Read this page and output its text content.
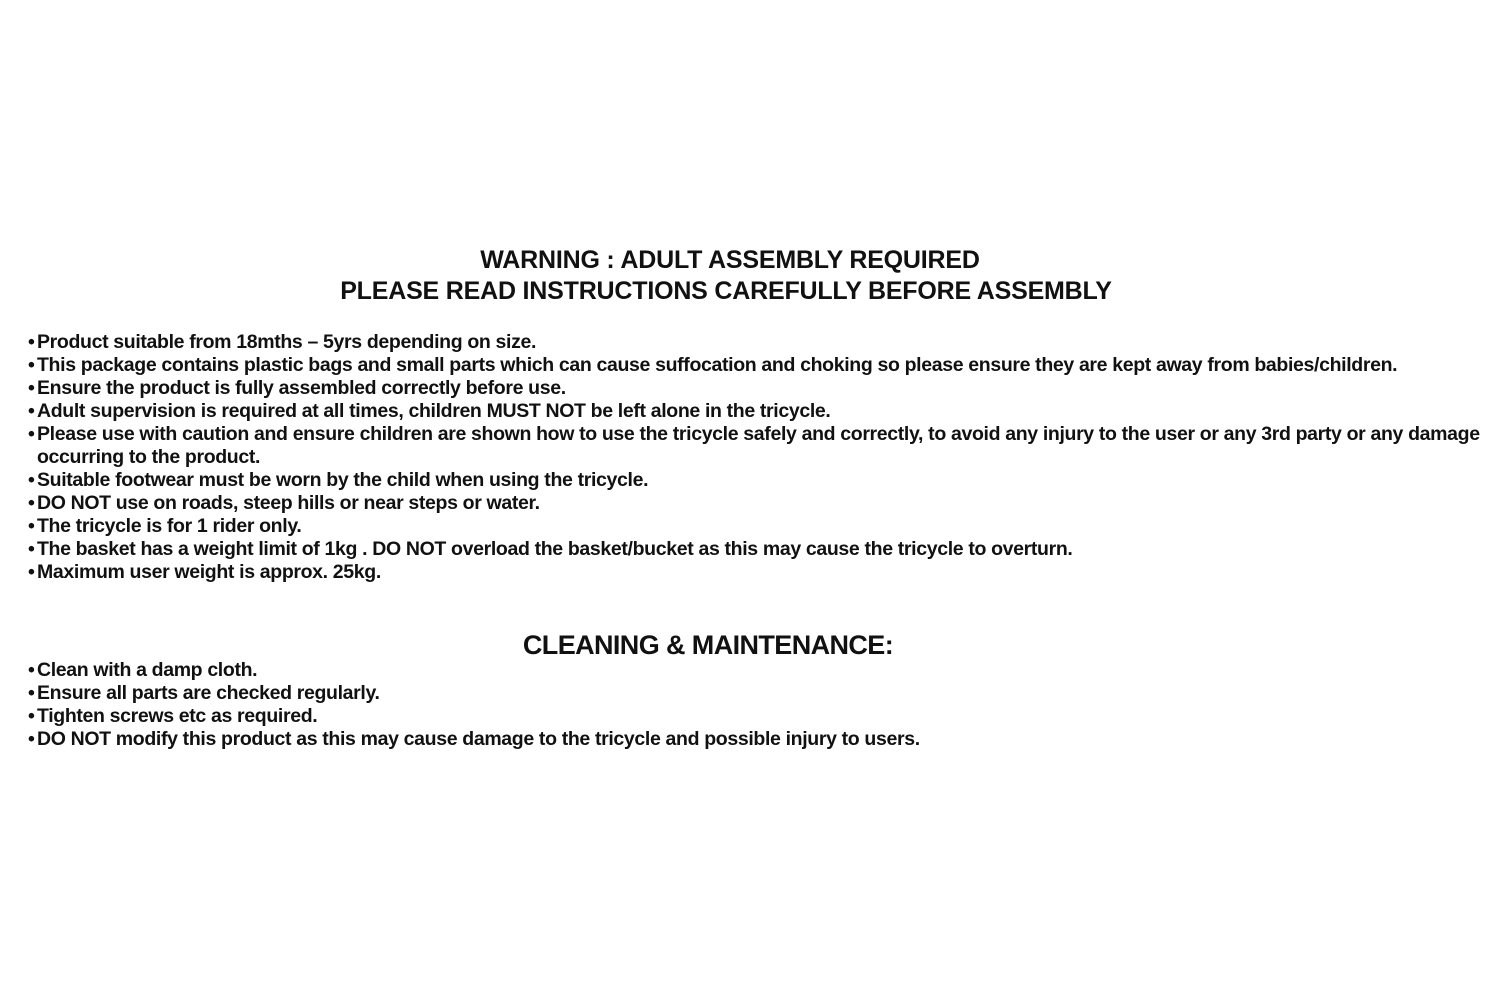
WARNING : ADULT ASSEMBLY REQUIRED
PLEASE READ INSTRUCTIONS CAREFULLY BEFORE ASSEMBLY
• Product suitable from 18mths – 5yrs depending on size.
• This package contains plastic bags and small parts which can cause suffocation and choking so please ensure they are kept away from babies/children.
• Ensure the product is fully assembled correctly before use.
• Adult supervision is required at all times, children MUST NOT be left alone in the tricycle.
• Please use with caution and ensure children are shown how to use the tricycle safely and correctly, to avoid any injury to the user or any 3rd party or any damage occurring to the product.
• Suitable footwear must be worn by the child when using the tricycle.
• DO NOT use on roads, steep hills or near steps or water.
• The tricycle is for 1 rider only.
• The basket has a weight limit of 1kg . DO NOT overload the basket/bucket as this may cause the tricycle to overturn.
• Maximum user weight is approx. 25kg.
CLEANING & MAINTENANCE:
• Clean with a damp cloth.
• Ensure all parts are checked regularly.
• Tighten screws etc as required.
• DO NOT modify this product as this may cause damage to the tricycle and possible injury to users.
